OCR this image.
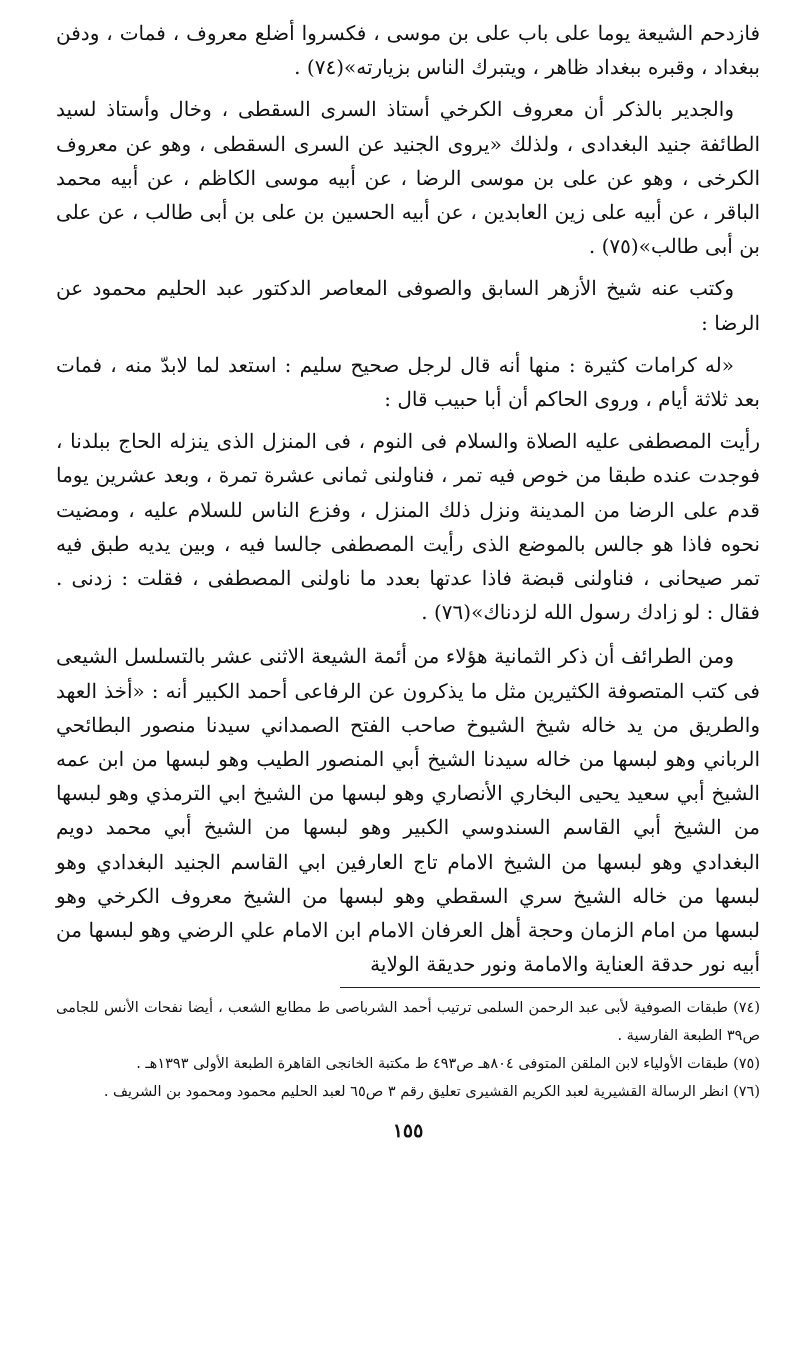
فازدحم الشيعة يوما على باب على بن موسى ، فكسروا أضلع معروف ، فمات ، ودفن ببغداد ، وقبره ببغداد ظاهر ، ويتبرك الناس بزيارته»(٧٤) .

والجدير بالذكر أن معروف الكرخي أستاذ السرى السقطى ، وخال وأستاذ لسيد الطائفة جنيد البغدادى ، ولذلك «يروى الجنيد عن السرى السقطى ، وهو عن معروف الكرخى ، وهو عن على بن موسى الرضا ، عن أبيه موسى الكاظم ، عن أبيه محمد الباقر ، عن أبيه على زين العابدين ، عن أبيه الحسين بن على بن أبى طالب ، عن على بن أبى طالب»(٧٥) .

وكتب عنه شيخ الأزهر السابق والصوفى المعاصر الدكتور عبد الحليم محمود عن الرضا :

«له كرامات كثيرة : منها أنه قال لرجل صحيح سليم : استعد لما لابدّ منه ، فمات بعد ثلاثة أيام ، وروى الحاكم أن أبا حبيب قال :

رأيت المصطفى عليه الصلاة والسلام فى النوم ، فى المنزل الذى ينزله الحاج ببلدنا ، فوجدت عنده طبقا من خوص فيه تمر ، فناولنى ثمانى عشرة تمرة ، وبعد عشرين يوما قدم على الرضا من المدينة ونزل ذلك المنزل ، وفزع الناس للسلام عليه ، ومضيت نحوه فاذا هو جالس بالموضع الذى رأيت المصطفى جالسا فيه ، وبين يديه طبق فيه تمر صيحانى ، فناولنى قبضة فاذا عدتها بعدد ما ناولنى المصطفى ، فقلت : زدنى . فقال : لو زادك رسول الله لزدناك»(٧٦) .

ومن الطرائف أن ذكر الثمانية هؤلاء من أئمة الشيعة الاثنى عشر بالتسلسل الشيعى فى كتب المتصوفة الكثيرين مثل ما يذكرون عن الرفاعى أحمد الكبير أنه : «أخذ العهد والطريق من يد خاله شيخ الشيوخ صاحب الفتح الصمداني سيدنا منصور البطائحي الرباني وهو لبسها من خاله سيدنا الشيخ أبي المنصور الطيب وهو لبسها من ابن عمه الشيخ أبي سعيد يحيى البخاري الأنصاري وهو لبسها من الشيخ ابي الترمذي وهو لبسها من الشيخ أبي القاسم السندوسي الكبير وهو لبسها من الشيخ أبي محمد دويم البغدادي وهو لبسها من الشيخ الامام تاج العارفين ابي القاسم الجنيد البغدادي وهو لبسها من خاله الشيخ سري السقطي وهو لبسها من الشيخ معروف الكرخي وهو لبسها من امام الزمان وحجة أهل العرفان الامام ابن الامام علي الرضي وهو لبسها من أبيه نور حدقة العناية والامامة ونور حديقة الولاية

(٧٤) طبقات الصوفية لأبى عبد الرحمن السلمى ترتيب أحمد الشرباصى ط مطابع الشعب ، أيضا نفحات الأنس للجامى ص٣٩ الطبعة الفارسية .

(٧٥) طبقات الأولياء لابن الملقن المتوفى ٨٠٤هـ ص٤٩٣ ط مكتبة الخانجى القاهرة الطبعة الأولى ١٣٩٣هـ .

(٧٦) انظر الرسالة القشيرية لعبد الكريم القشيرى تعليق رقم ٣ ص٦٥ لعبد الحليم محمود ومحمود بن الشريف .

١٥٥
